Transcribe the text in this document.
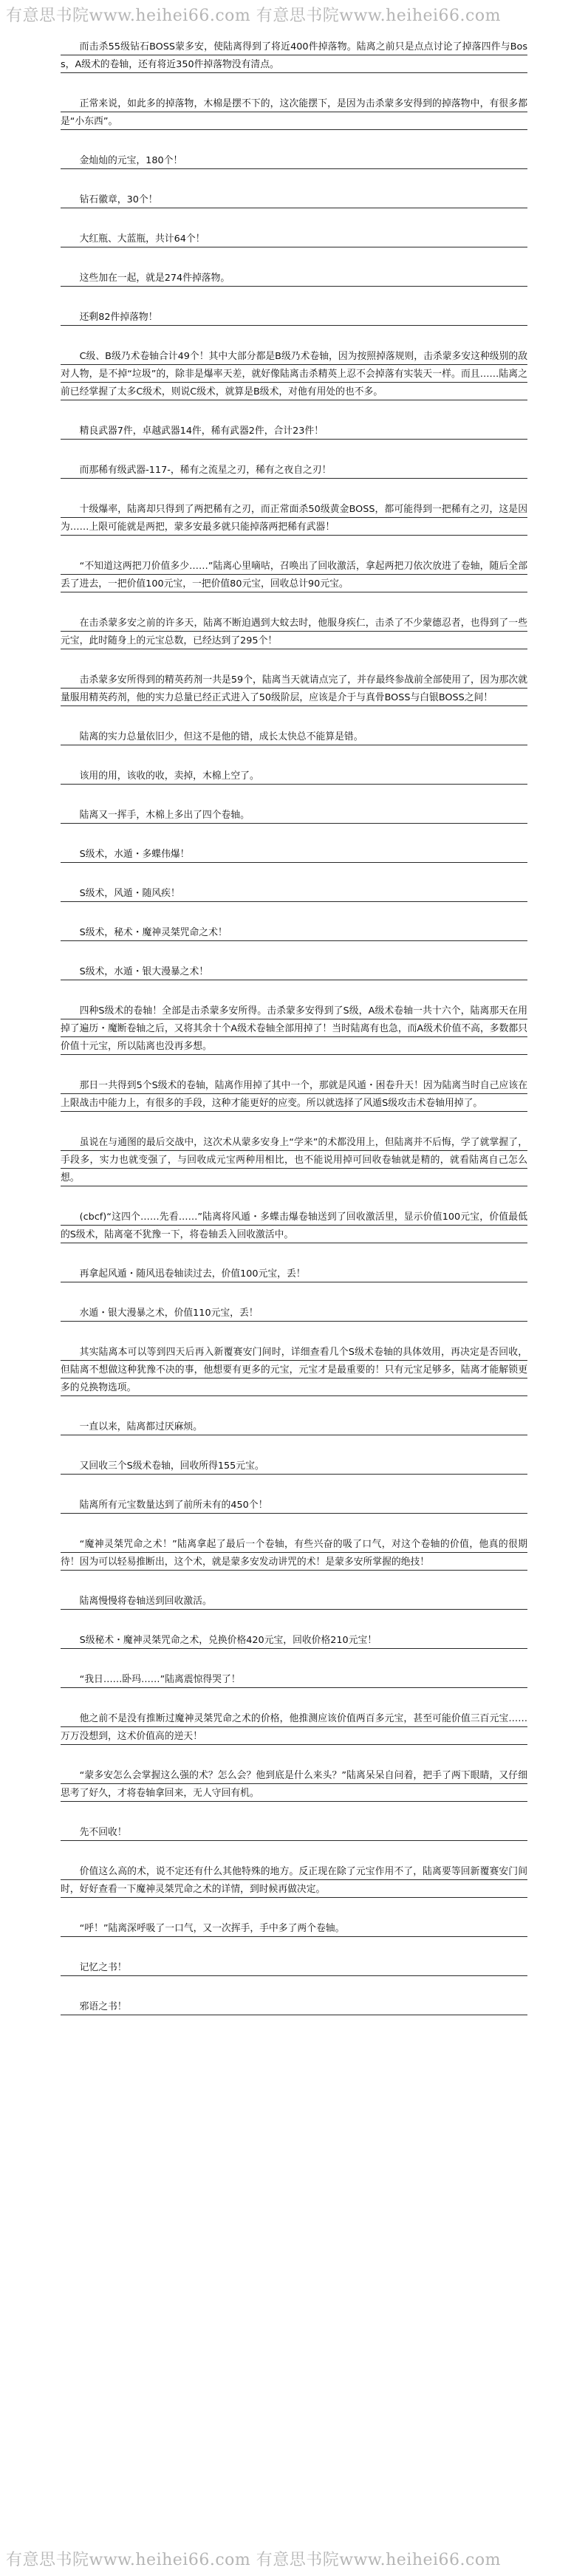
有意思书院www.heihei66.com 有意思书院www.heihei66.com

而击杀55级钻石BOSS蒙多安，使陆离得到了将近400件掉落物。陆离之前只是点点讨论了掉落四件与Boss，A级术的卷轴，还有将近350件掉落物没有清点。

正常来说，如此多的掉落物，木棉是摆不下的，这次能摆下，是因为击杀蒙多安得到的掉落物中，有很多都是“小东西”。

金灿灿的元宝，180个！

钻石徽章，30个！

大红瓶、大蓝瓶，共计64个！

这些加在一起，就是274件掉落物。

还剩82件掉落物！

C级、B级乃术卷轴合计49个！其中大部分都是B级乃术卷轴，因为按照掉落规则，击杀蒙多安这种级别的敌对人物，是不掉“垃圾”的，除非是爆率天差，就好像陆离击杀精英上忍不会掉落有实装天一样。而且……陆离之前已经掌握了太多C级术，则说C级术，就算是B级术，对他有用处的也不多。

精良武器7件，卓越武器14件，稀有武器2件，合计23件！

而那稀有级武器-117-，稀有之流星之刃，稀有之夜自之刃！

十级爆率，陆离却只得到了两把稀有之刃，而正常面杀50级黄金BOSS，都可能得到一把稀有之刃，这是因为……上限可能就是两把，蒙多安最多就只能掉落两把稀有武器！

“不知道这两把刀价值多少……”陆离心里嘀咕，召唤出了回收激活，拿起两把刀依次放进了卷轴，随后全部丢了进去，一把价值100元宝，一把价值80元宝，回收总计90元宝。

在击杀蒙多安之前的许多天，陆离不断迫遇到大蚊去时，他服身疾仁，击杀了不少蒙德忍者，也得到了一些元宝，此时随身上的元宝总数，已经达到了295个！

击杀蒙多安所得到的精英药剂一共是59个，陆离当天就请点完了，并存最终参战前全部使用了，因为那次就量服用精英药剂，他的实力总量已经正式进入了50级阶层，应该是介于与真骨BOSS与白银BOSS之间！

陆离的实力总量依旧少，但这不是他的错，成长太快总不能算是错。

该用的用，该收的收，卖掉，木棉上空了。

陆离又一挥手，木棉上多出了四个卷轴。

S级术，水遁・多蝶伟爆！

S级术，风遁・随风疾！

S级术，秘术・魔神灵桀咒命之术！

S级术，水遁・银大漫暴之术！

四种S级术的卷轴！全部是击杀蒙多安所得。击杀蒙多安得到了S级，A级术卷轴一共十六个，陆离那天在用掉了遍历・魔断卷轴之后，又将其余十个A级术卷轴全部用掉了！当时陆离有也急，而A级术价值不高，多数都只价值十元宝，所以陆离也没再多想。

那日一共得到5个S级术的卷轴，陆离作用掉了其中一个，那就是风遁・困卷升天！因为陆离当时自己应该在上限战击中能力上，有很多的手段，这种才能更好的应变。所以就选择了风遁S级攻击术卷轴用掉了。

虽说在与通图的最后交战中，这次术从蒙多安身上“学来”的术都没用上，但陆离并不后悔，学了就掌握了，手段多，实力也就变强了，与回收成元宝两种用相比，也不能说用掉可回收卷轴就是精的，就看陆离自己怎么想。

(cbcf)“这四个……先看……”陆离将风遁・多蝶击爆卷轴送到了回收激活里，显示价值100元宝，价值最低的S级术，陆离毫不犹豫一下，将卷轴丢入回收激活中。

再拿起风遁・随风迅卷轴读过去，价值100元宝，丢！

水遁・银大漫暴之术，价值110元宝，丢！

其实陆离本可以等到四天后再入新覆赛安门间时，详细查看几个S级术卷轴的具体效用，再决定是否回收，但陆离不想做这种犹豫不决的事，他想要有更多的元宝，元宝才是最重要的！只有元宝足够多，陆离才能解锁更多的兑换物选项。

一直以来，陆离都过厌麻烦。

又回收三个S级术卷轴，回收所得155元宝。

陆离所有元宝数量达到了前所未有的450个！

“魔神灵桀咒命之术！”陆离拿起了最后一个卷轴，有些兴奋的吸了口气，对这个卷轴的价值，他真的很期待！因为可以轻易推断出，这个术，就是蒙多安发动讲咒的术！是蒙多安所掌握的绝技！

陆离慢慢将卷轴送到回收激活。

S级秘术・魔神灵桀咒命之术，兑换价格420元宝，回收价格210元宝！

“我日……卧玛……”陆离震惊得哭了！

他之前不是没有推断过魔神灵桀咒命之术的价格，他推测应该价值两百多元宝，甚至可能价值三百元宝……万万没想到，这术价值高的逆天！

“蒙多安怎么会掌握这么强的术？怎么会？他到底是什么来头？”陆离呆呆自问着，把手了两下眼睛，又仔细思考了好久，才将卷轴拿回来，无人守回有机。

先不回收！

价值这么高的术，说不定还有什么其他特殊的地方。反正现在除了元宝作用不了，陆离要等回新覆赛安门间时，好好查看一下魔神灵桀咒命之术的详情，到时候再做决定。

“呼！”陆离深呼吸了一口气，又一次挥手，手中多了两个卷轴。

记忆之书！

邪语之书！

有意思书院www.heihei66.com 有意思书院www.heihei66.com
